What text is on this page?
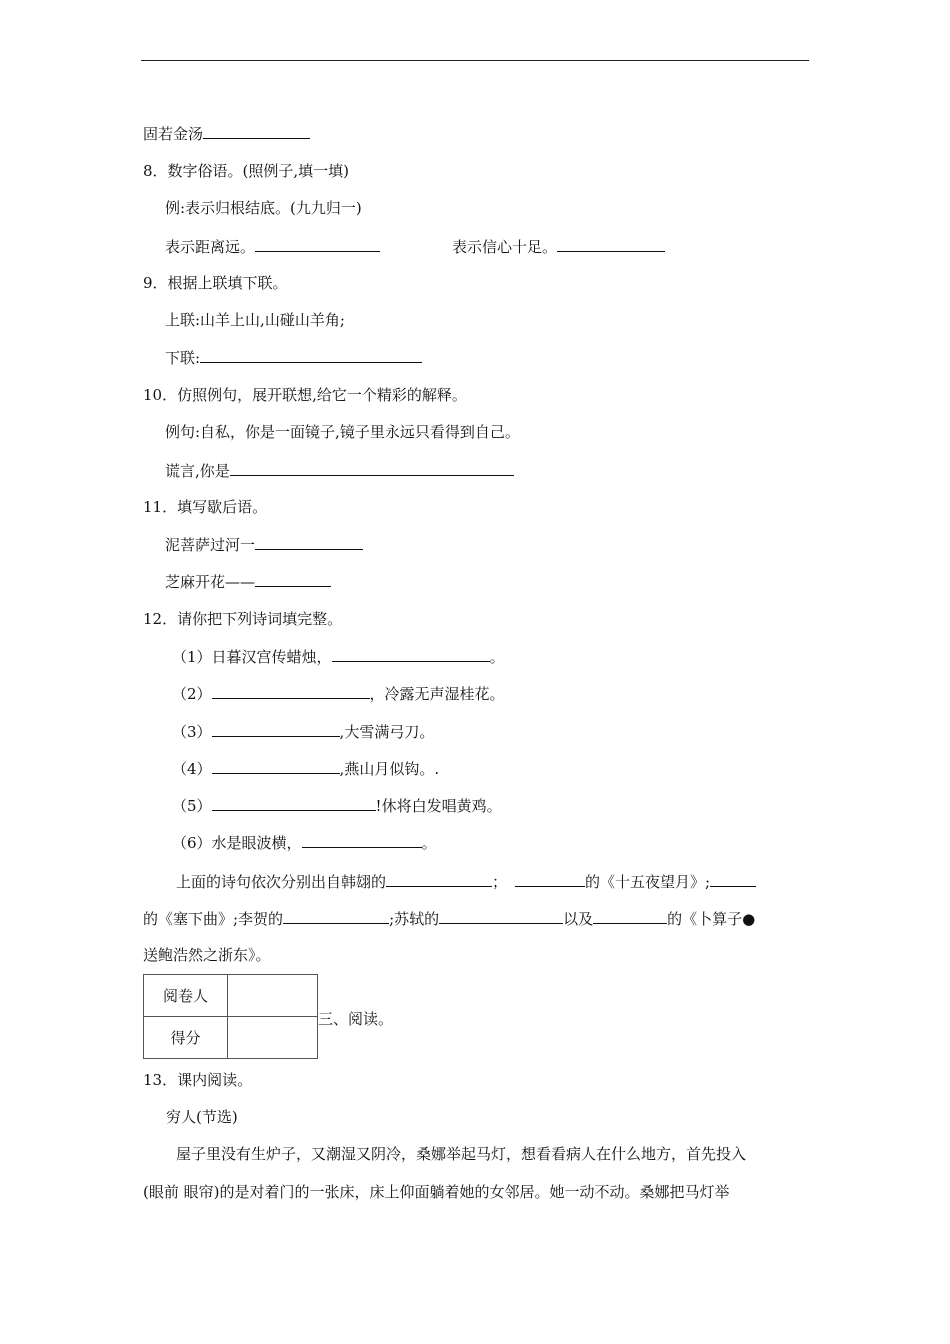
固若金汤
8．数字俗语。(照例子,填一填)
例:表示归根结底。(九九归一)
表示距离远。	表示信心十足。
9．根据上联填下联。
上联:山羊上山,山碰山羊角;
下联:
10．仿照例句，展开联想,给它一个精彩的解释。
例句:自私，你是一面镜子,镜子里永远只看得到自己。
谎言,你是
11．填写歇后语。
泥菩萨过河一
芝麻开花——
12．请你把下列诗词填完整。
（1）日暮汉宫传蜡烛，	。
（2）	，冷露无声湿桂花。
（3）	,大雪满弓刀。
（4）	,燕山月似钩。.
（5）	!休将白发唱黄鸡。
（6）水是眼波横，	。
上面的诗句依次分别出自韩翃的	；	的《十五夜望月》;
的《塞下曲》;李贺的	;苏轼的	以及	的《卜算子●
送鲍浩然之浙东》。
阅卷人	
得分	
三、阅读。
13．课内阅读。
穷人(节选)
屋子里没有生炉子，又潮湿又阴冷，桑娜举起马灯，想看看病人在什么地方，首先投入
(眼前 眼帘)的是对着门的一张床，床上仰面躺着她的女邻居。她一动不动。桑娜把马灯举
